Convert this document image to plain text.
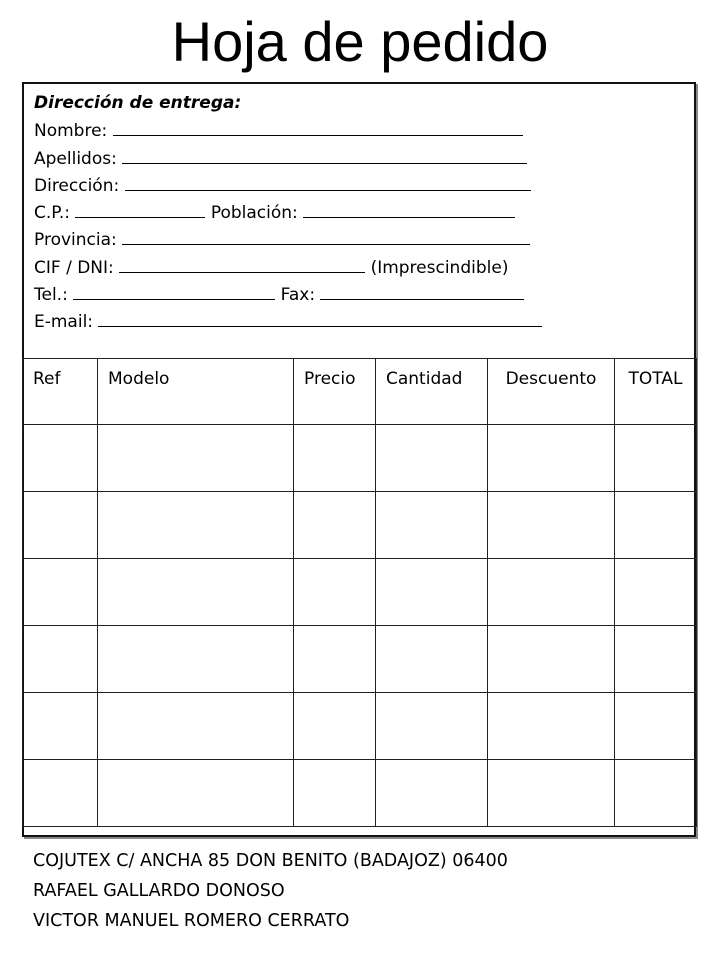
Hoja de pedido
Dirección de entrega:
Nombre:
Apellidos:
Dirección:
C.P.:	Población:
Provincia:
CIF / DNI:	(Imprescindible)
Tel.:	Fax:
E-mail:
Ref	Modelo	Precio	Cantidad	Descuento	TOTAL

COJUTEX C/ ANCHA 85 DON BENITO (BADAJOZ) 06400
RAFAEL GALLARDO DONOSO
VICTOR MANUEL ROMERO CERRATO
